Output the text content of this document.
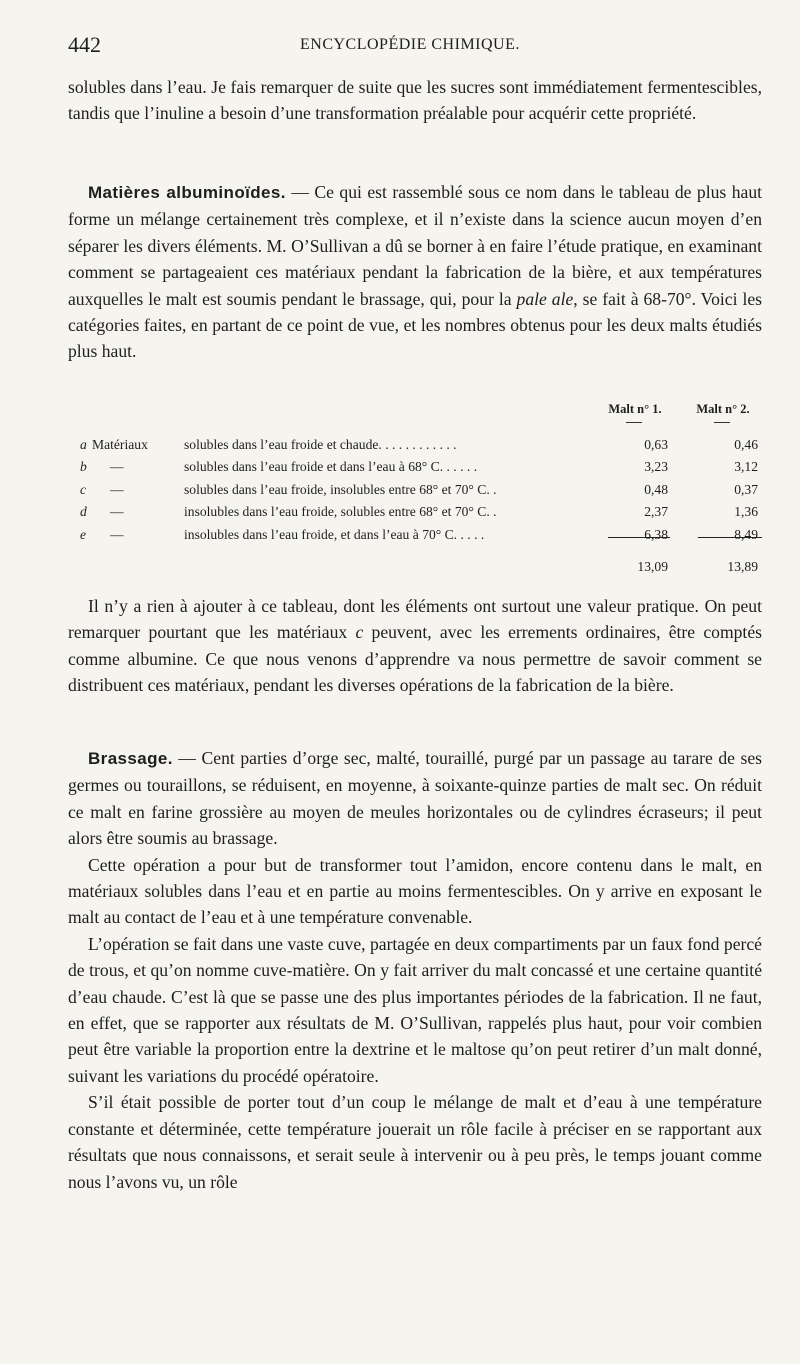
442	ENCYCLOPÉDIE CHIMIQUE.

solubles dans l’eau. Je fais remarquer de suite que les sucres sont immédiatement fermentescibles, tandis que l’inuline a besoin d’une transformation préalable pour acquérir cette propriété.

Matières albuminoïdes. — Ce qui est rassemblé sous ce nom dans le tableau de plus haut forme un mélange certainement très complexe, et il n’existe dans la science aucun moyen d’en séparer les divers éléments. M. O’Sullivan a dû se borner à en faire l’étude pratique, en examinant comment se partageaient ces matériaux pendant la fabrication de la bière, et aux températures auxquelles le malt est soumis pendant le brassage, qui, pour la pale ale, se fait à 68-70°. Voici les catégories faites, en partant de ce point de vue, et les nombres obtenus pour les deux malts étudiés plus haut.

Malt n° 1.	Malt n° 2.
a Matériaux	solubles dans l’eau froide et chaude. . . . . . . . . . . .	0,63	0,46
b —	solubles dans l’eau froide et dans l’eau à 68° C. . . . . .	3,23	3,12
c —	solubles dans l’eau froide, insolubles entre 68° et 70° C. .	0,48	0,37
d —	insolubles dans l’eau froide, solubles entre 68° et 70° C. .	2,37	1,36
e —	insolubles dans l’eau froide, et dans l’eau à 70° C. . . . .	6,38	8,49
13,09	13,89

Il n’y a rien à ajouter à ce tableau, dont les éléments ont surtout une valeur pratique. On peut remarquer pourtant que les matériaux c peuvent, avec les errements ordinaires, être comptés comme albumine. Ce que nous venons d’apprendre va nous permettre de savoir comment se distribuent ces matériaux, pendant les diverses opérations de la fabrication de la bière.

Brassage. — Cent parties d’orge sec, malté, touraillé, purgé par un passage au tarare de ses germes ou touraillons, se réduisent, en moyenne, à soixante-quinze parties de malt sec. On réduit ce malt en farine grossière au moyen de meules horizontales ou de cylindres écraseurs; il peut alors être soumis au brassage.

Cette opération a pour but de transformer tout l’amidon, encore contenu dans le malt, en matériaux solubles dans l’eau et en partie au moins fermentescibles. On y arrive en exposant le malt au contact de l’eau et à une température convenable.

L’opération se fait dans une vaste cuve, partagée en deux compartiments par un faux fond percé de trous, et qu’on nomme cuve-matière. On y fait arriver du malt concassé et une certaine quantité d’eau chaude. C’est là que se passe une des plus importantes périodes de la fabrication. Il ne faut, en effet, que se rapporter aux résultats de M. O’Sullivan, rappelés plus haut, pour voir combien peut être variable la proportion entre la dextrine et le maltose qu’on peut retirer d’un malt donné, suivant les variations du procédé opératoire.

S’il était possible de porter tout d’un coup le mélange de malt et d’eau à une température constante et déterminée, cette température jouerait un rôle facile à préciser en se rapportant aux résultats que nous connaissons, et serait seule à intervenir ou à peu près, le temps jouant comme nous l’avons vu, un rôle
